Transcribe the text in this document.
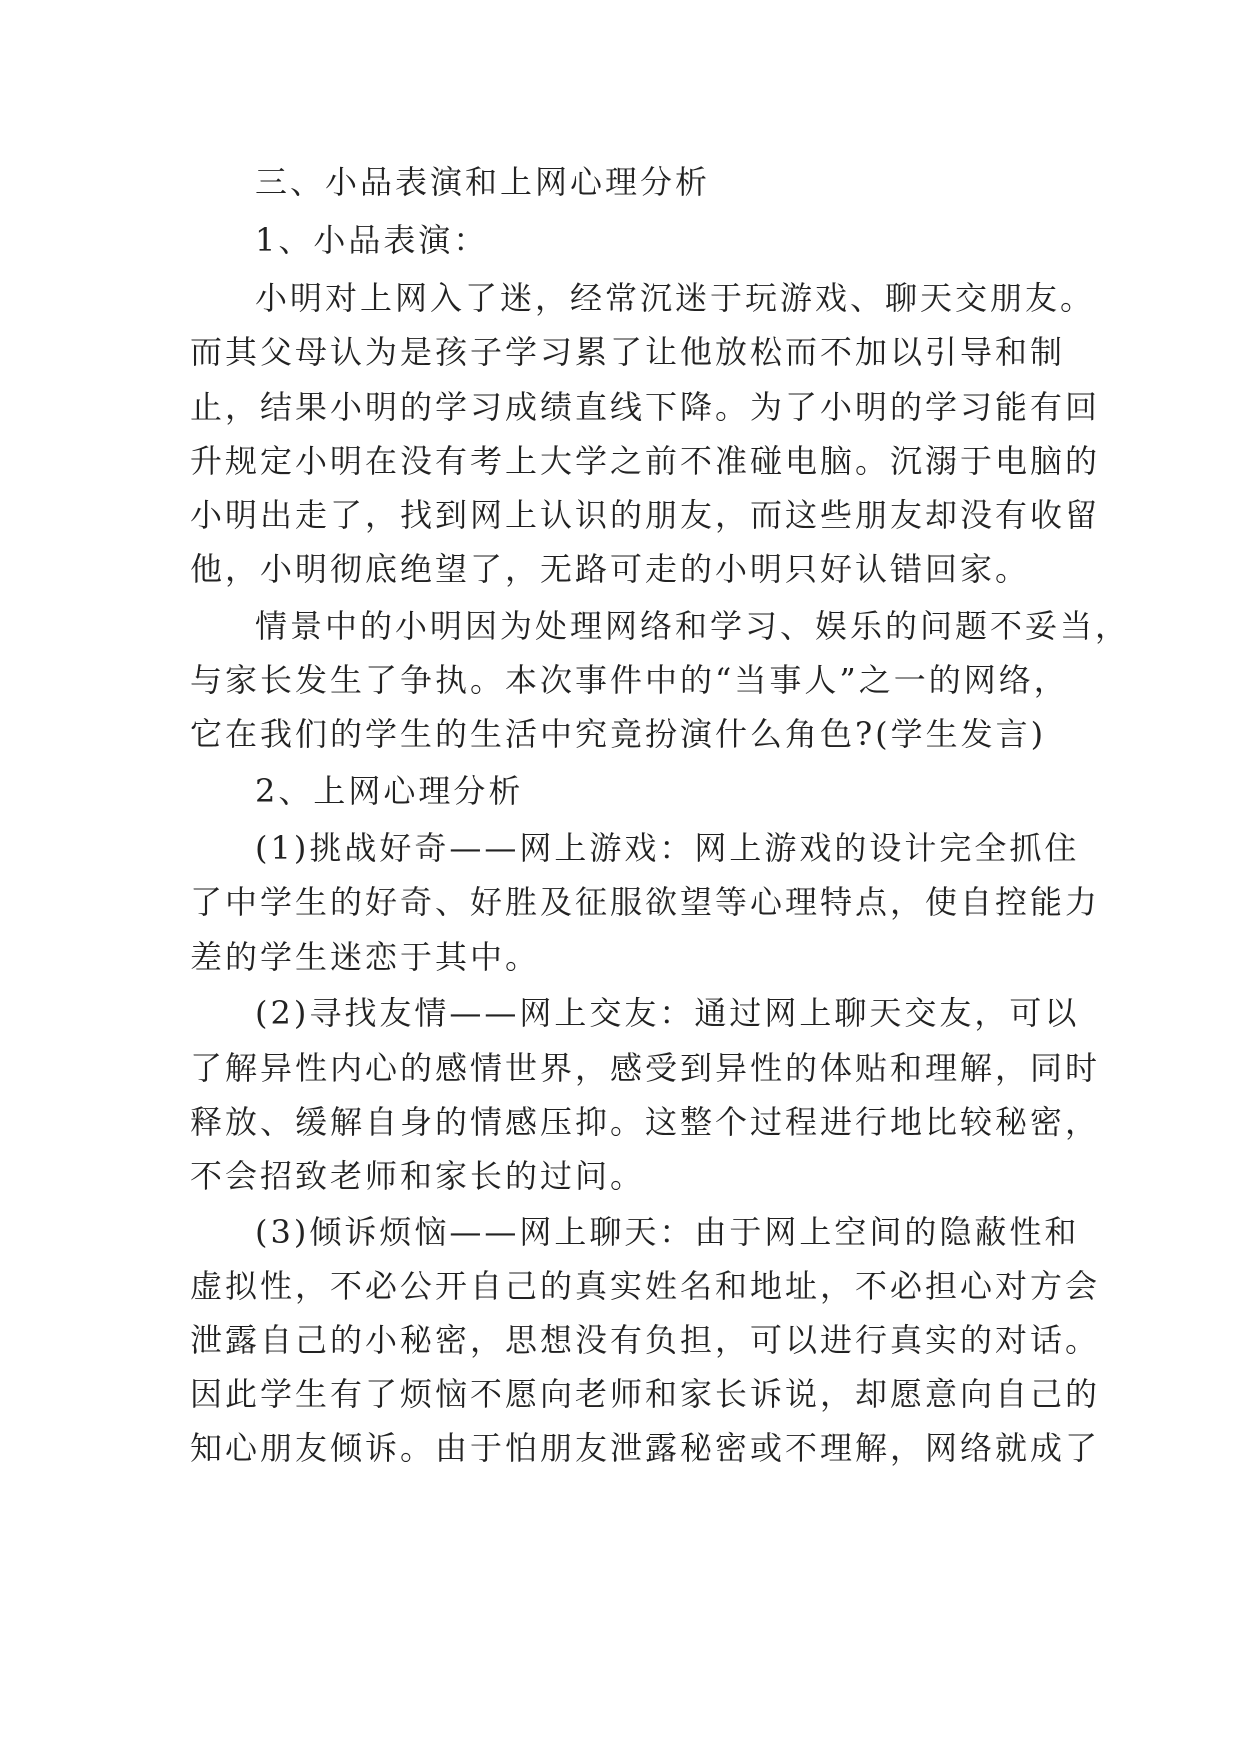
三、小品表演和上网心理分析
1、小品表演：
小明对上网入了迷，经常沉迷于玩游戏、聊天交朋友。
而其父母认为是孩子学习累了让他放松而不加以引导和制
止，结果小明的学习成绩直线下降。为了小明的学习能有回
升规定小明在没有考上大学之前不准碰电脑。沉溺于电脑的
小明出走了，找到网上认识的朋友，而这些朋友却没有收留
他，小明彻底绝望了，无路可走的小明只好认错回家。
情景中的小明因为处理网络和学习、娱乐的问题不妥当，
与家长发生了争执。本次事件中的“当事人”之一的网络，
它在我们的学生的生活中究竟扮演什么角色?(学生发言)
2、上网心理分析
(1)挑战好奇——网上游戏：网上游戏的设计完全抓住
了中学生的好奇、好胜及征服欲望等心理特点，使自控能力
差的学生迷恋于其中。
(2)寻找友情——网上交友：通过网上聊天交友，可以
了解异性内心的感情世界，感受到异性的体贴和理解，同时
释放、缓解自身的情感压抑。这整个过程进行地比较秘密，
不会招致老师和家长的过问。
(3)倾诉烦恼——网上聊天：由于网上空间的隐蔽性和
虚拟性，不必公开自己的真实姓名和地址，不必担心对方会
泄露自己的小秘密，思想没有负担，可以进行真实的对话。
因此学生有了烦恼不愿向老师和家长诉说，却愿意向自己的
知心朋友倾诉。由于怕朋友泄露秘密或不理解，网络就成了
